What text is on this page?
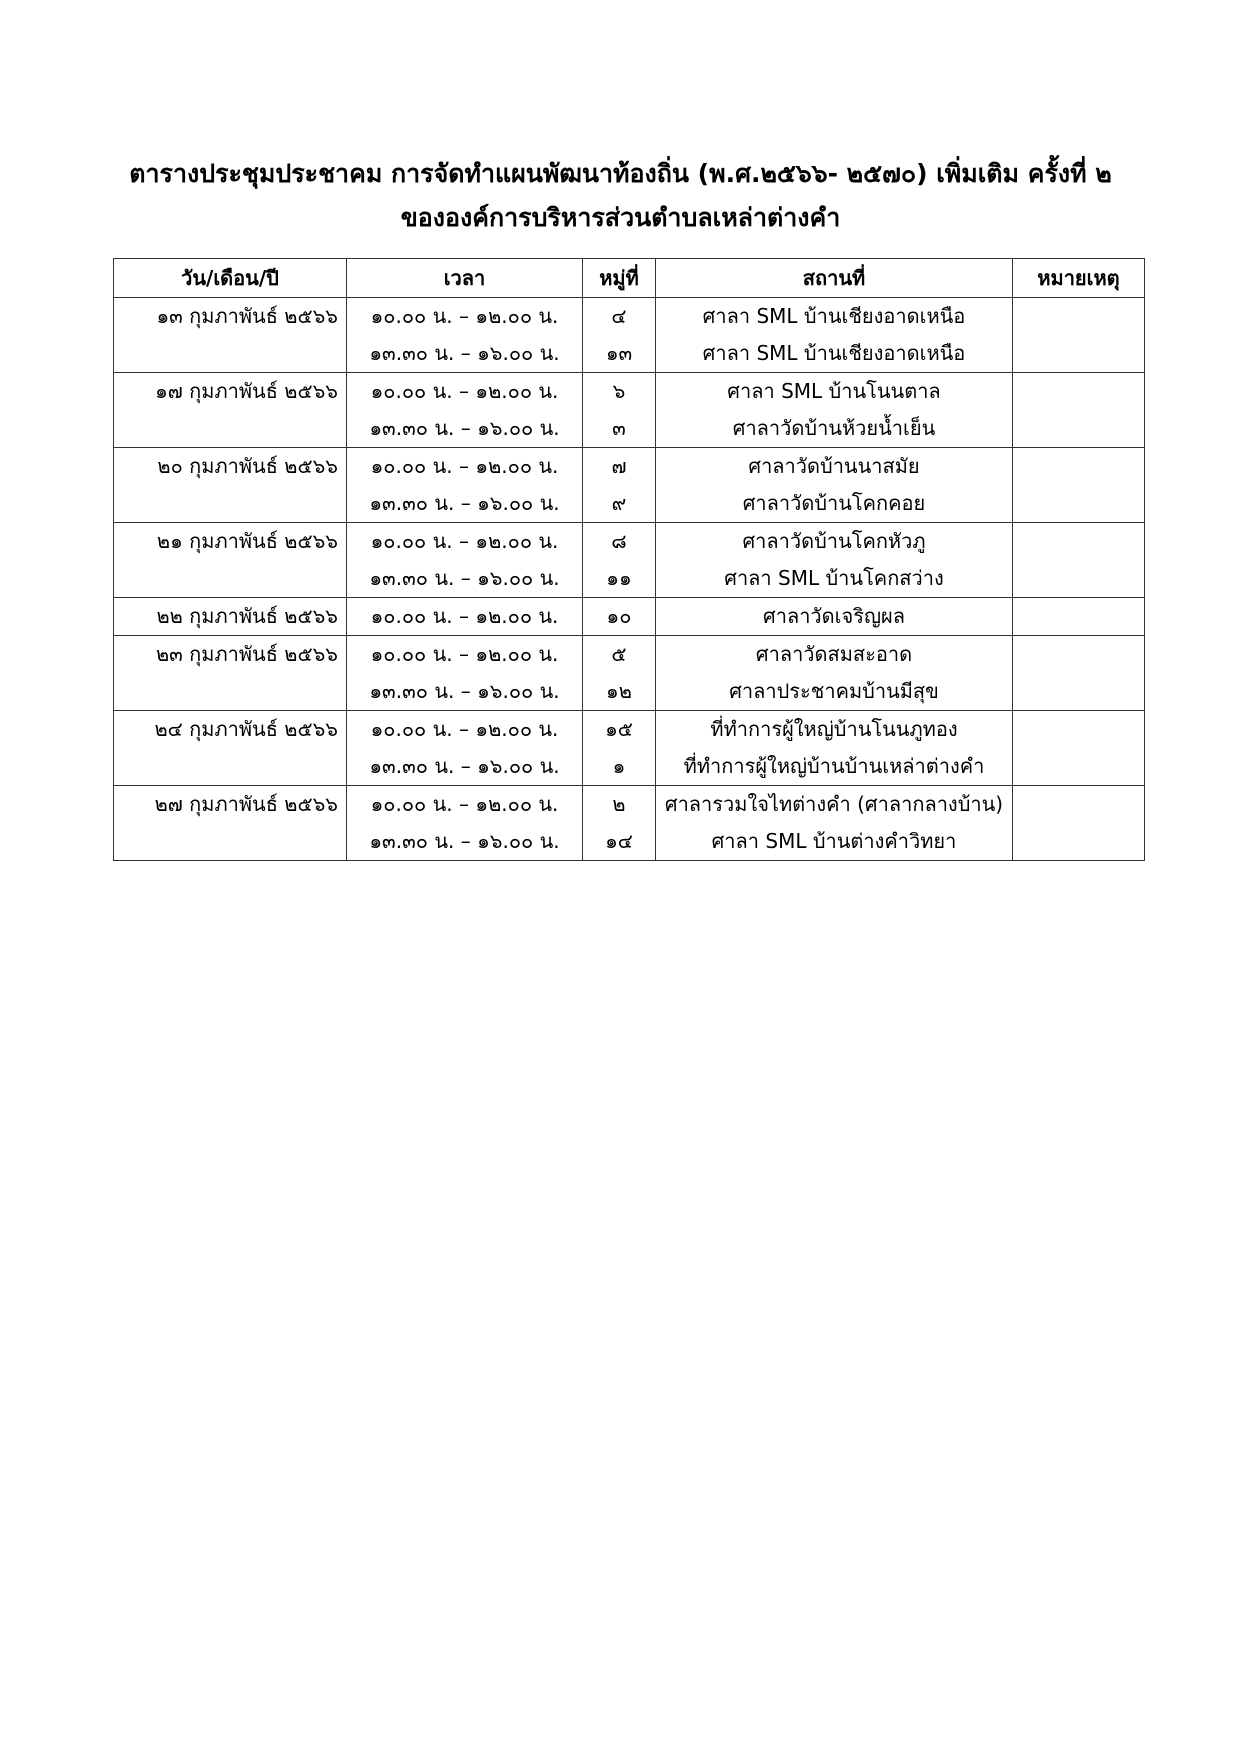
ตารางประชุมประชาคม การจัดทำแผนพัฒนาท้องถิ่น (พ.ศ.๒๕๖๖- ๒๕๗๐) เพิ่มเติม ครั้งที่ ๒
ขององค์การบริหารส่วนตำบลเหล่าต่างคำ
วัน/เดือน/ปี	เวลา	หมู่ที่	สถานที่	หมายเหตุ
๑๓ กุมภาพันธ์ ๒๕๖๖	๑๐.๐๐ น. – ๑๒.๐๐ น.	๔	ศาลา SML บ้านเชียงอาดเหนือ	
	๑๓.๓๐ น. – ๑๖.๐๐ น.	๑๓	ศาลา SML บ้านเชียงอาดเหนือ	
๑๗ กุมภาพันธ์ ๒๕๖๖	๑๐.๐๐ น. – ๑๒.๐๐ น.	๖	ศาลา SML บ้านโนนตาล	
	๑๓.๓๐ น. – ๑๖.๐๐ น.	๓	ศาลาวัดบ้านห้วยน้ำเย็น	
๒๐ กุมภาพันธ์ ๒๕๖๖	๑๐.๐๐ น. – ๑๒.๐๐ น.	๗	ศาลาวัดบ้านนาสมัย	
	๑๓.๓๐ น. – ๑๖.๐๐ น.	๙	ศาลาวัดบ้านโคกคอย	
๒๑ กุมภาพันธ์ ๒๕๖๖	๑๐.๐๐ น. – ๑๒.๐๐ น.	๘	ศาลาวัดบ้านโคกหัวภู	
	๑๓.๓๐ น. – ๑๖.๐๐ น.	๑๑	ศาลา SML บ้านโคกสว่าง	
๒๒ กุมภาพันธ์ ๒๕๖๖	๑๐.๐๐ น. – ๑๒.๐๐ น.	๑๐	ศาลาวัดเจริญผล	
๒๓ กุมภาพันธ์ ๒๕๖๖	๑๐.๐๐ น. – ๑๒.๐๐ น.	๕	ศาลาวัดสมสะอาด	
	๑๓.๓๐ น. – ๑๖.๐๐ น.	๑๒	ศาลาประชาคมบ้านมีสุข	
๒๔ กุมภาพันธ์ ๒๕๖๖	๑๐.๐๐ น. – ๑๒.๐๐ น.	๑๕	ที่ทำการผู้ใหญ่บ้านโนนภูทอง	
	๑๓.๓๐ น. – ๑๖.๐๐ น.	๑	ที่ทำการผู้ใหญ่บ้านบ้านเหล่าต่างคำ	
๒๗ กุมภาพันธ์ ๒๕๖๖	๑๐.๐๐ น. – ๑๒.๐๐ น.	๒	ศาลารวมใจไทต่างคำ (ศาลากลางบ้าน)	
	๑๓.๓๐ น. – ๑๖.๐๐ น.	๑๔	ศาลา SML บ้านต่างคำวิทยา	
